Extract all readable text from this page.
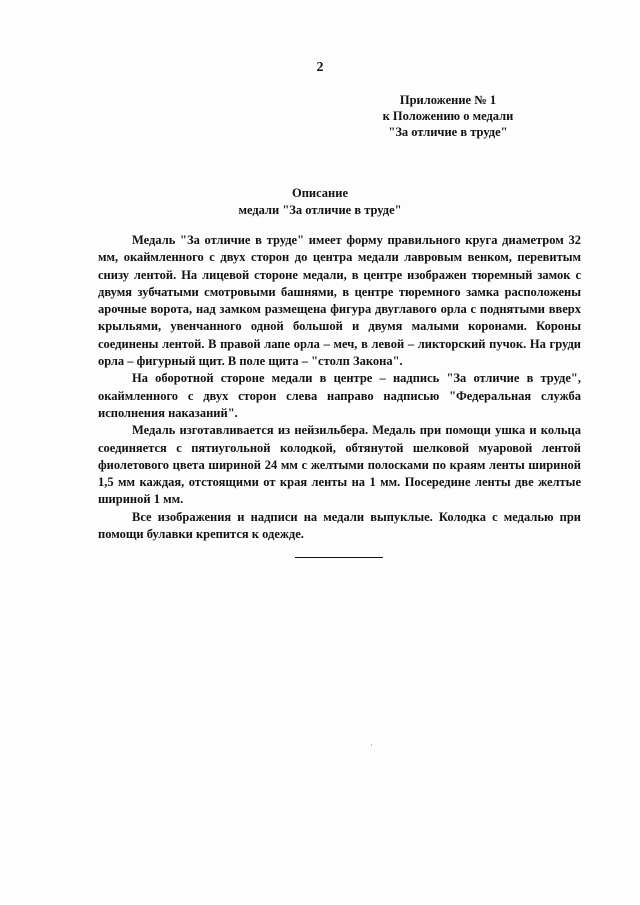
2
Приложение № 1
к Положению о медали
"За отличие в труде"
Описание
медали "За отличие в труде"

Медаль "За отличие в труде" имеет форму правильного круга диаметром 32 мм, окаймленного с двух сторон до центра медали лавровым венком, перевитым снизу лентой. На лицевой стороне медали, в центре изображен тюремный замок с двумя зубчатыми смотровыми башнями, в центре тюремного замка расположены арочные ворота, над замком размещена фигура двуглавого орла с поднятыми вверх крыльями, увенчанного одной большой и двумя малыми коронами. Короны соединены лентой. В правой лапе орла – меч, в левой – ликторский пучок. На груди орла – фигурный щит. В поле щита – "столп Закона".

На оборотной стороне медали в центре – надпись "За отличие в труде", окаймленного с двух сторон слева направо надписью "Федеральная служба исполнения наказаний".

Медаль изготавливается из нейзильбера. Медаль при помощи ушка и кольца соединяется с пятиугольной колодкой, обтянутой шелковой муаровой лентой фиолетового цвета шириной 24 мм с желтыми полосками по краям ленты шириной 1,5 мм каждая, отстоящими от края ленты на 1 мм. Посередине ленты две желтые шириной 1 мм.

Все изображения и надписи на медали выпуклые. Колодка с медалью при помощи булавки крепится к одежде.
